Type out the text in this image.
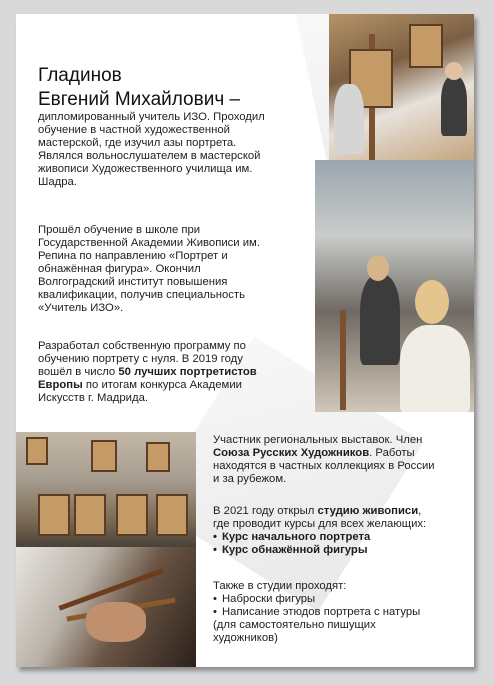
Гладинов
Евгений Михайлович –

дипломированный учитель ИЗО. Проходил
обучение в частной художественной
мастерской, где изучил азы портрета.
Являлся вольнослушателем в мастерской
живописи Художественного училища им.
Шадра.

Прошёл обучение в школе при
Государственной Академии Живописи им.
Репина по направлению «Портрет и
обнажённая фигура». Окончил
Волгоградский институт повышения
квалификации, получив специальность
«Учитель ИЗО».

Разработал собственную программу по
обучению портрету с нуля. В 2019 году
вошёл в число 50 лучших портретистов
Европы по итогам конкурса Академии
Искусств г. Мадрида.

Участник региональных выставок. Член
Союза Русских Художников. Работы
находятся в частных коллекциях в России
и за рубежом.

В 2021 году открыл студию живописи,
где проводит курсы для всех желающих:
• Курс начального портрета
• Курс обнажённой фигуры
Также в студии проходят:
• Наброски фигуры
• Написание этюдов портрета с натуры
(для самостоятельно пишущих
художников)
